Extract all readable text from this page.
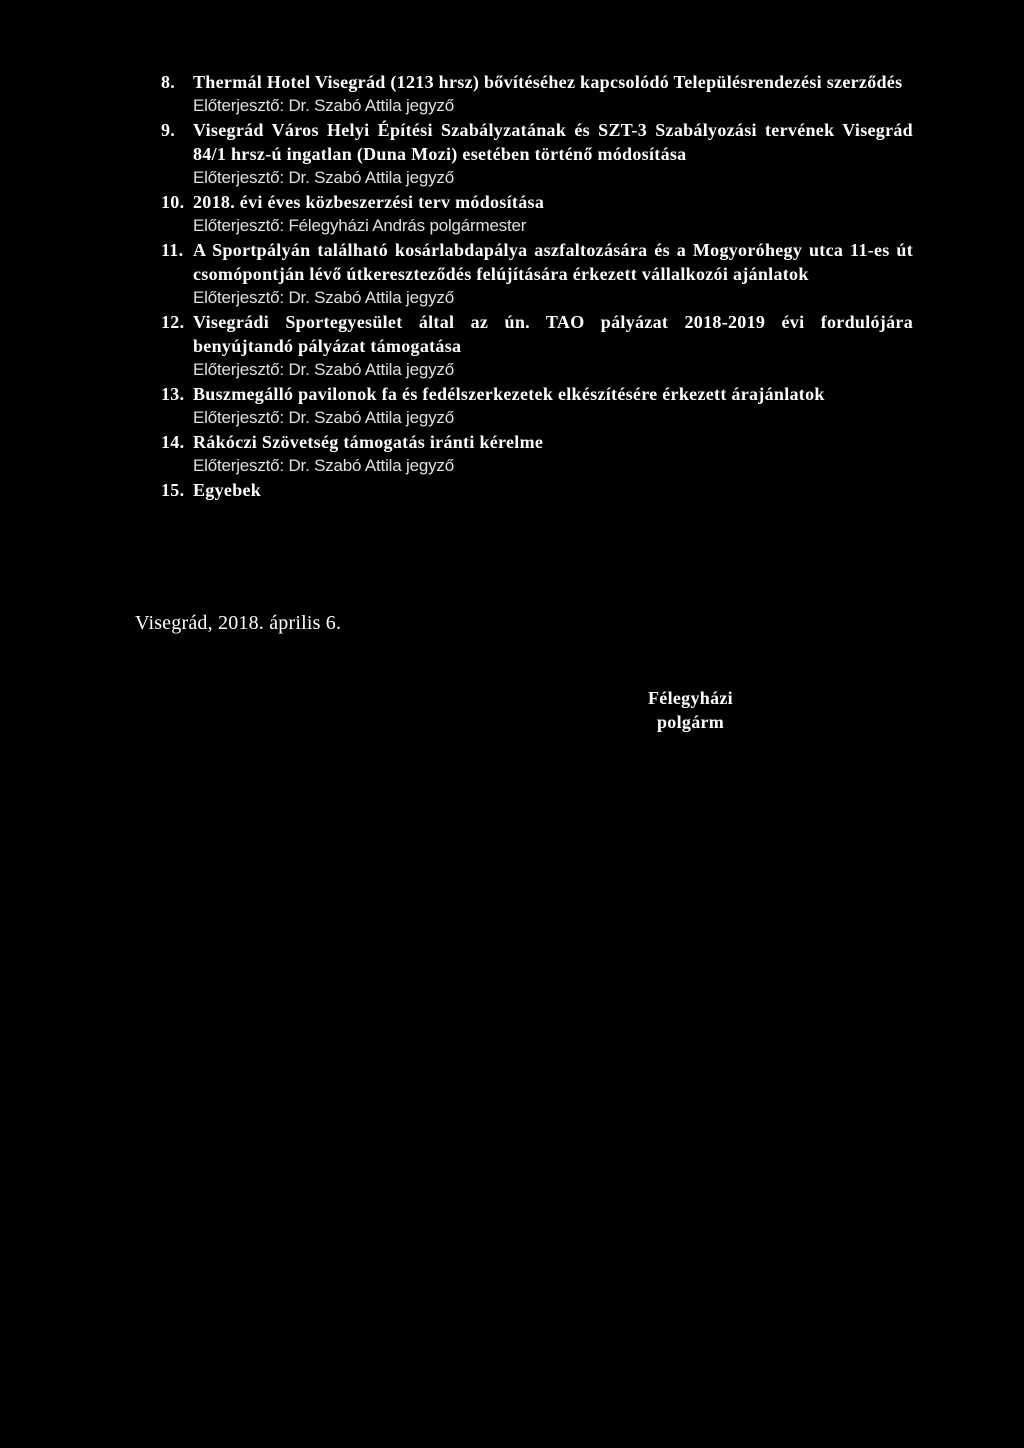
8. Thermál Hotel Visegrád (1213 hrsz) bővítéséhez kapcsolódó Településrendezési szerződés
Előterjesztő: Dr. Szabó Attila jegyző
9. Visegrád Város Helyi Építési Szabályzatának és SZT-3 Szabályozási tervének Visegrád 84/1 hrsz-ú ingatlan (Duna Mozi) esetében történő módosítása
Előterjesztő: Dr. Szabó Attila jegyző
10. 2018. évi éves közbeszerzési terv módosítása
Előterjesztő: Félegyházi András polgármester
11. A Sportpályán található kosárlabdapálya aszfaltozására és a Mogyoróhegy utca 11-es út csomópontján lévő útkereszteződés felújítására érkezett vállalkozói ajánlatok
Előterjesztő: Dr. Szabó Attila jegyző
12. Visegrádi Sportegyesület által az ún. TAO pályázat 2018-2019 évi fordulójára benyújtandó pályázat támogatása
Előterjesztő: Dr. Szabó Attila jegyző
13. Buszmegálló pavilonok fa és fedélszerkezetek elkészítésére érkezett árajánlatok
Előterjesztő: Dr. Szabó Attila jegyző
14. Rákóczi Szövetség támogatás iránti kérelme
Előterjesztő: Dr. Szabó Attila jegyző
15. Egyebek

Visegrád, 2018. április 6.

Félegyházi
polgárm
